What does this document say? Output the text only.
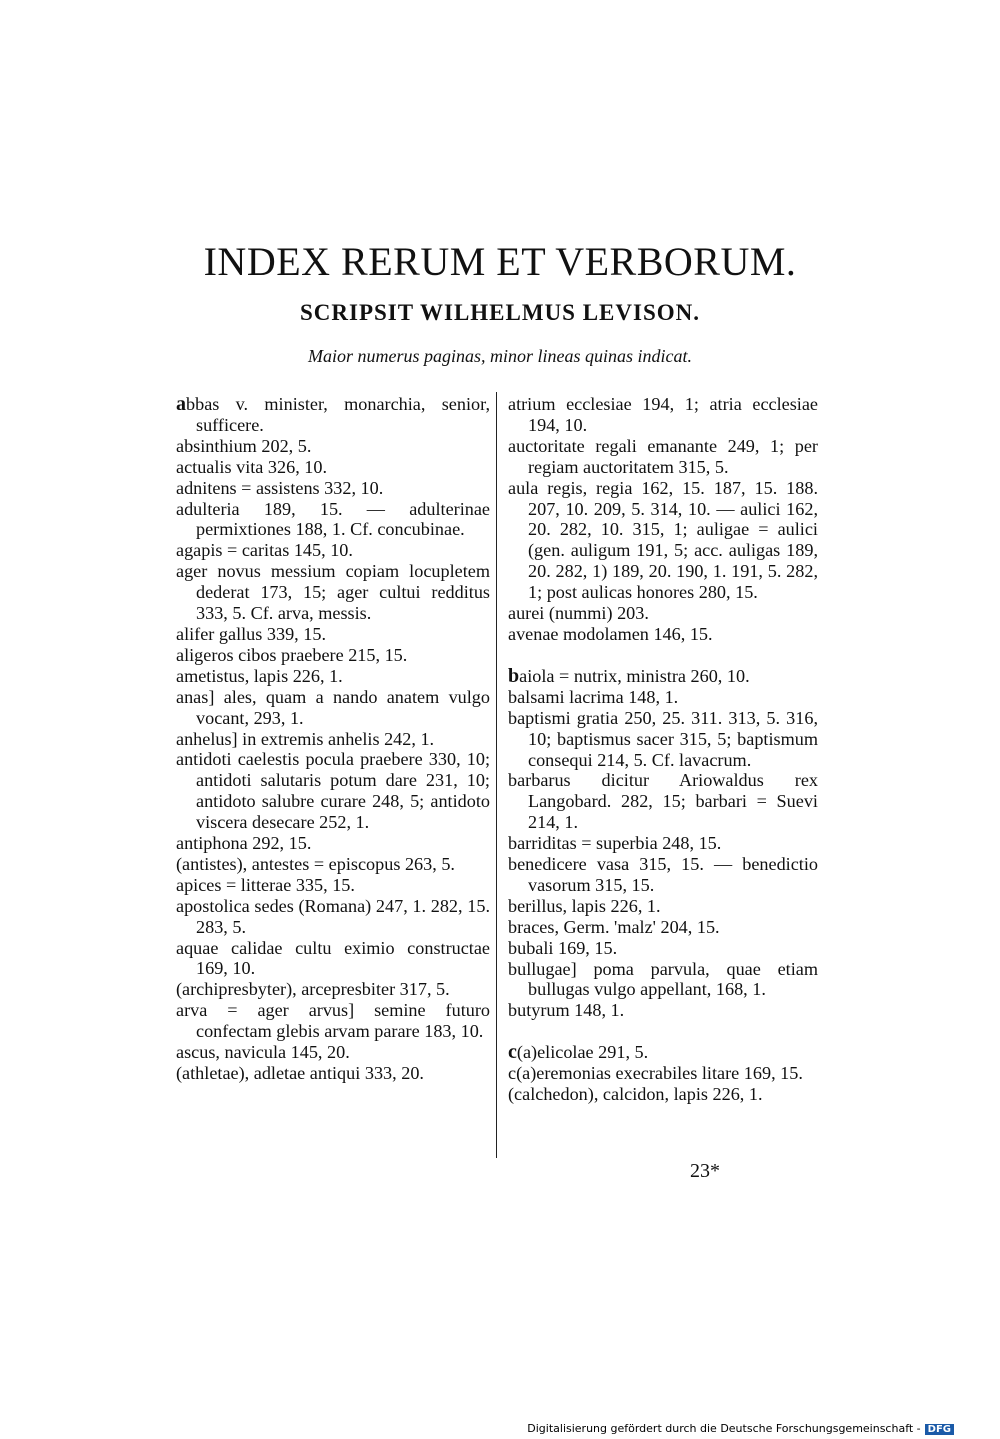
INDEX RERUM ET VERBORUM.
SCRIPSIT WILHELMUS LEVISON.

Maior numerus paginas, minor lineas quinas indicat.

abbas v. minister, monarchia, senior, sufficere.

absinthium 202, 5.

actualis vita 326, 10.

adnitens = assistens 332, 10.

adulteria 189, 15. — adulterinae permixtiones 188, 1. Cf. concubinae.

agapis = caritas 145, 10.

ager novus messium copiam locupletem dederat 173, 15; ager cultui redditus 333, 5. Cf. arva, messis.

alifer gallus 339, 15.

aligeros cibos praebere 215, 15.

ametistus, lapis 226, 1.

anas] ales, quam a nando anatem vulgo vocant, 293, 1.

anhelus] in extremis anhelis 242, 1.

antidoti caelestis pocula praebere 330, 10; antidoti salutaris potum dare 231, 10; antidoto salubre curare 248, 5; antidoto viscera desecare 252, 1.

antiphona 292, 15.

(antistes), antestes = episcopus 263, 5.

apices = litterae 335, 15.

apostolica sedes (Romana) 247, 1. 282, 15. 283, 5.

aquae calidae cultu eximio constructae 169, 10.

(archipresbyter), arcepresbiter 317, 5.

arva = ager arvus] semine futuro confectam glebis arvam parare 183, 10.

ascus, navicula 145, 20.

(athletae), adletae antiqui 333, 20.

atrium ecclesiae 194, 1; atria ecclesiae 194, 10.

auctoritate regali emanante 249, 1; per regiam auctoritatem 315, 5.

aula regis, regia 162, 15. 187, 15. 188. 207, 10. 209, 5. 314, 10. — aulici 162, 20. 282, 10. 315, 1; auligae = aulici (gen. auligum 191, 5; acc. auligas 189, 20. 282, 1) 189, 20. 190, 1. 191, 5. 282, 1; post aulicas honores 280, 15.

aurei (nummi) 203.

avenae modolamen 146, 15.

baiola = nutrix, ministra 260, 10.

balsami lacrima 148, 1.

baptismi gratia 250, 25. 311. 313, 5. 316, 10; baptismus sacer 315, 5; baptismum consequi 214, 5. Cf. lavacrum.

barbarus dicitur Ariowaldus rex Langobard. 282, 15; barbari = Suevi 214, 1.

barriditas = superbia 248, 15.

benedicere vasa 315, 15. — benedictio vasorum 315, 15.

berillus, lapis 226, 1.

braces, Germ. 'malz' 204, 15.

bubali 169, 15.

bullugae] poma parvula, quae etiam bullugas vulgo appellant, 168, 1.

butyrum 148, 1.

c(a)elicolae 291, 5.

c(a)eremonias execrabiles litare 169, 15.

(calchedon), calcidon, lapis 226, 1.

23*

Digitalisierung gefördert durch die Deutsche Forschungsgemeinschaft - DFG
